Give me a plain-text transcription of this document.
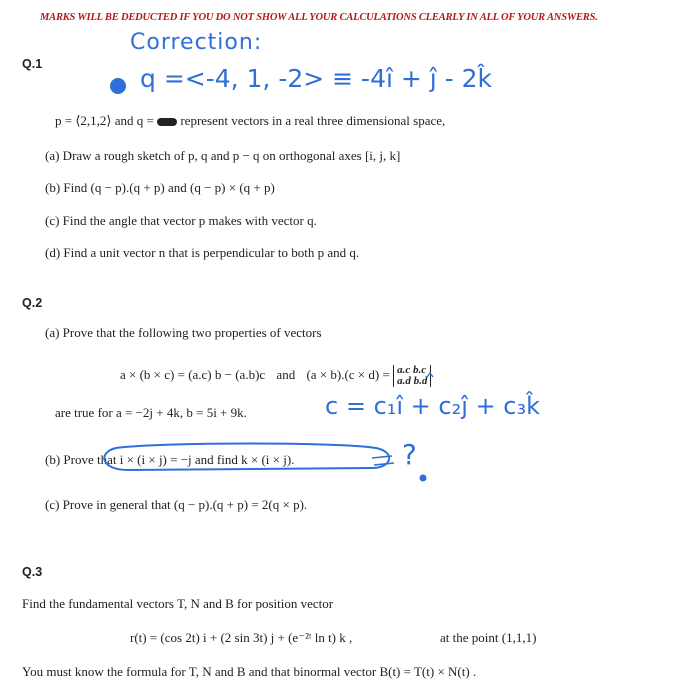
MARKS WILL BE DEDUCTED IF YOU DO NOT SHOW ALL YOUR CALCULATIONS CLEARLY IN ALL OF YOUR ANSWERS.
Q.1
Correction:
q =<-4, 1, -2> ≡ -4î + ĵ - 2k̂
p = ⟨2,1,2⟩ and q = represent vectors in a real three dimensional space,
(a) Draw a rough sketch of p, q and p − q on orthogonal axes [i, j, k]
(b) Find (q − p).(q + p) and (q − p) × (q + p)
(c) Find the angle that vector p makes with vector q.
(d) Find a unit vector n that is perpendicular to both p and q.
Q.2
(a) Prove that the following two properties of vectors
a × (b × c) = (a.c) b − (a.b)c and (a × b).(c × d) = a.c b.c
a.d b.d
are true for a = −2j + 4k, b = 5i + 9k.	c = c₁î + c₂ĵ + c₃k̂
(b) Prove that i × (i × j) = −j and find k × (i × j).	?
(c) Prove in general that (q − p).(q + p) = 2(q × p).
Q.3
Find the fundamental vectors T, N and B for position vector
r(t) = (cos 2t) i + (2 sin 3t) j + (e⁻²ᵗ ln t) k ,	at the point (1,1,1)
You must know the formula for T, N and B and that binormal vector B(t) = T(t) × N(t) .
